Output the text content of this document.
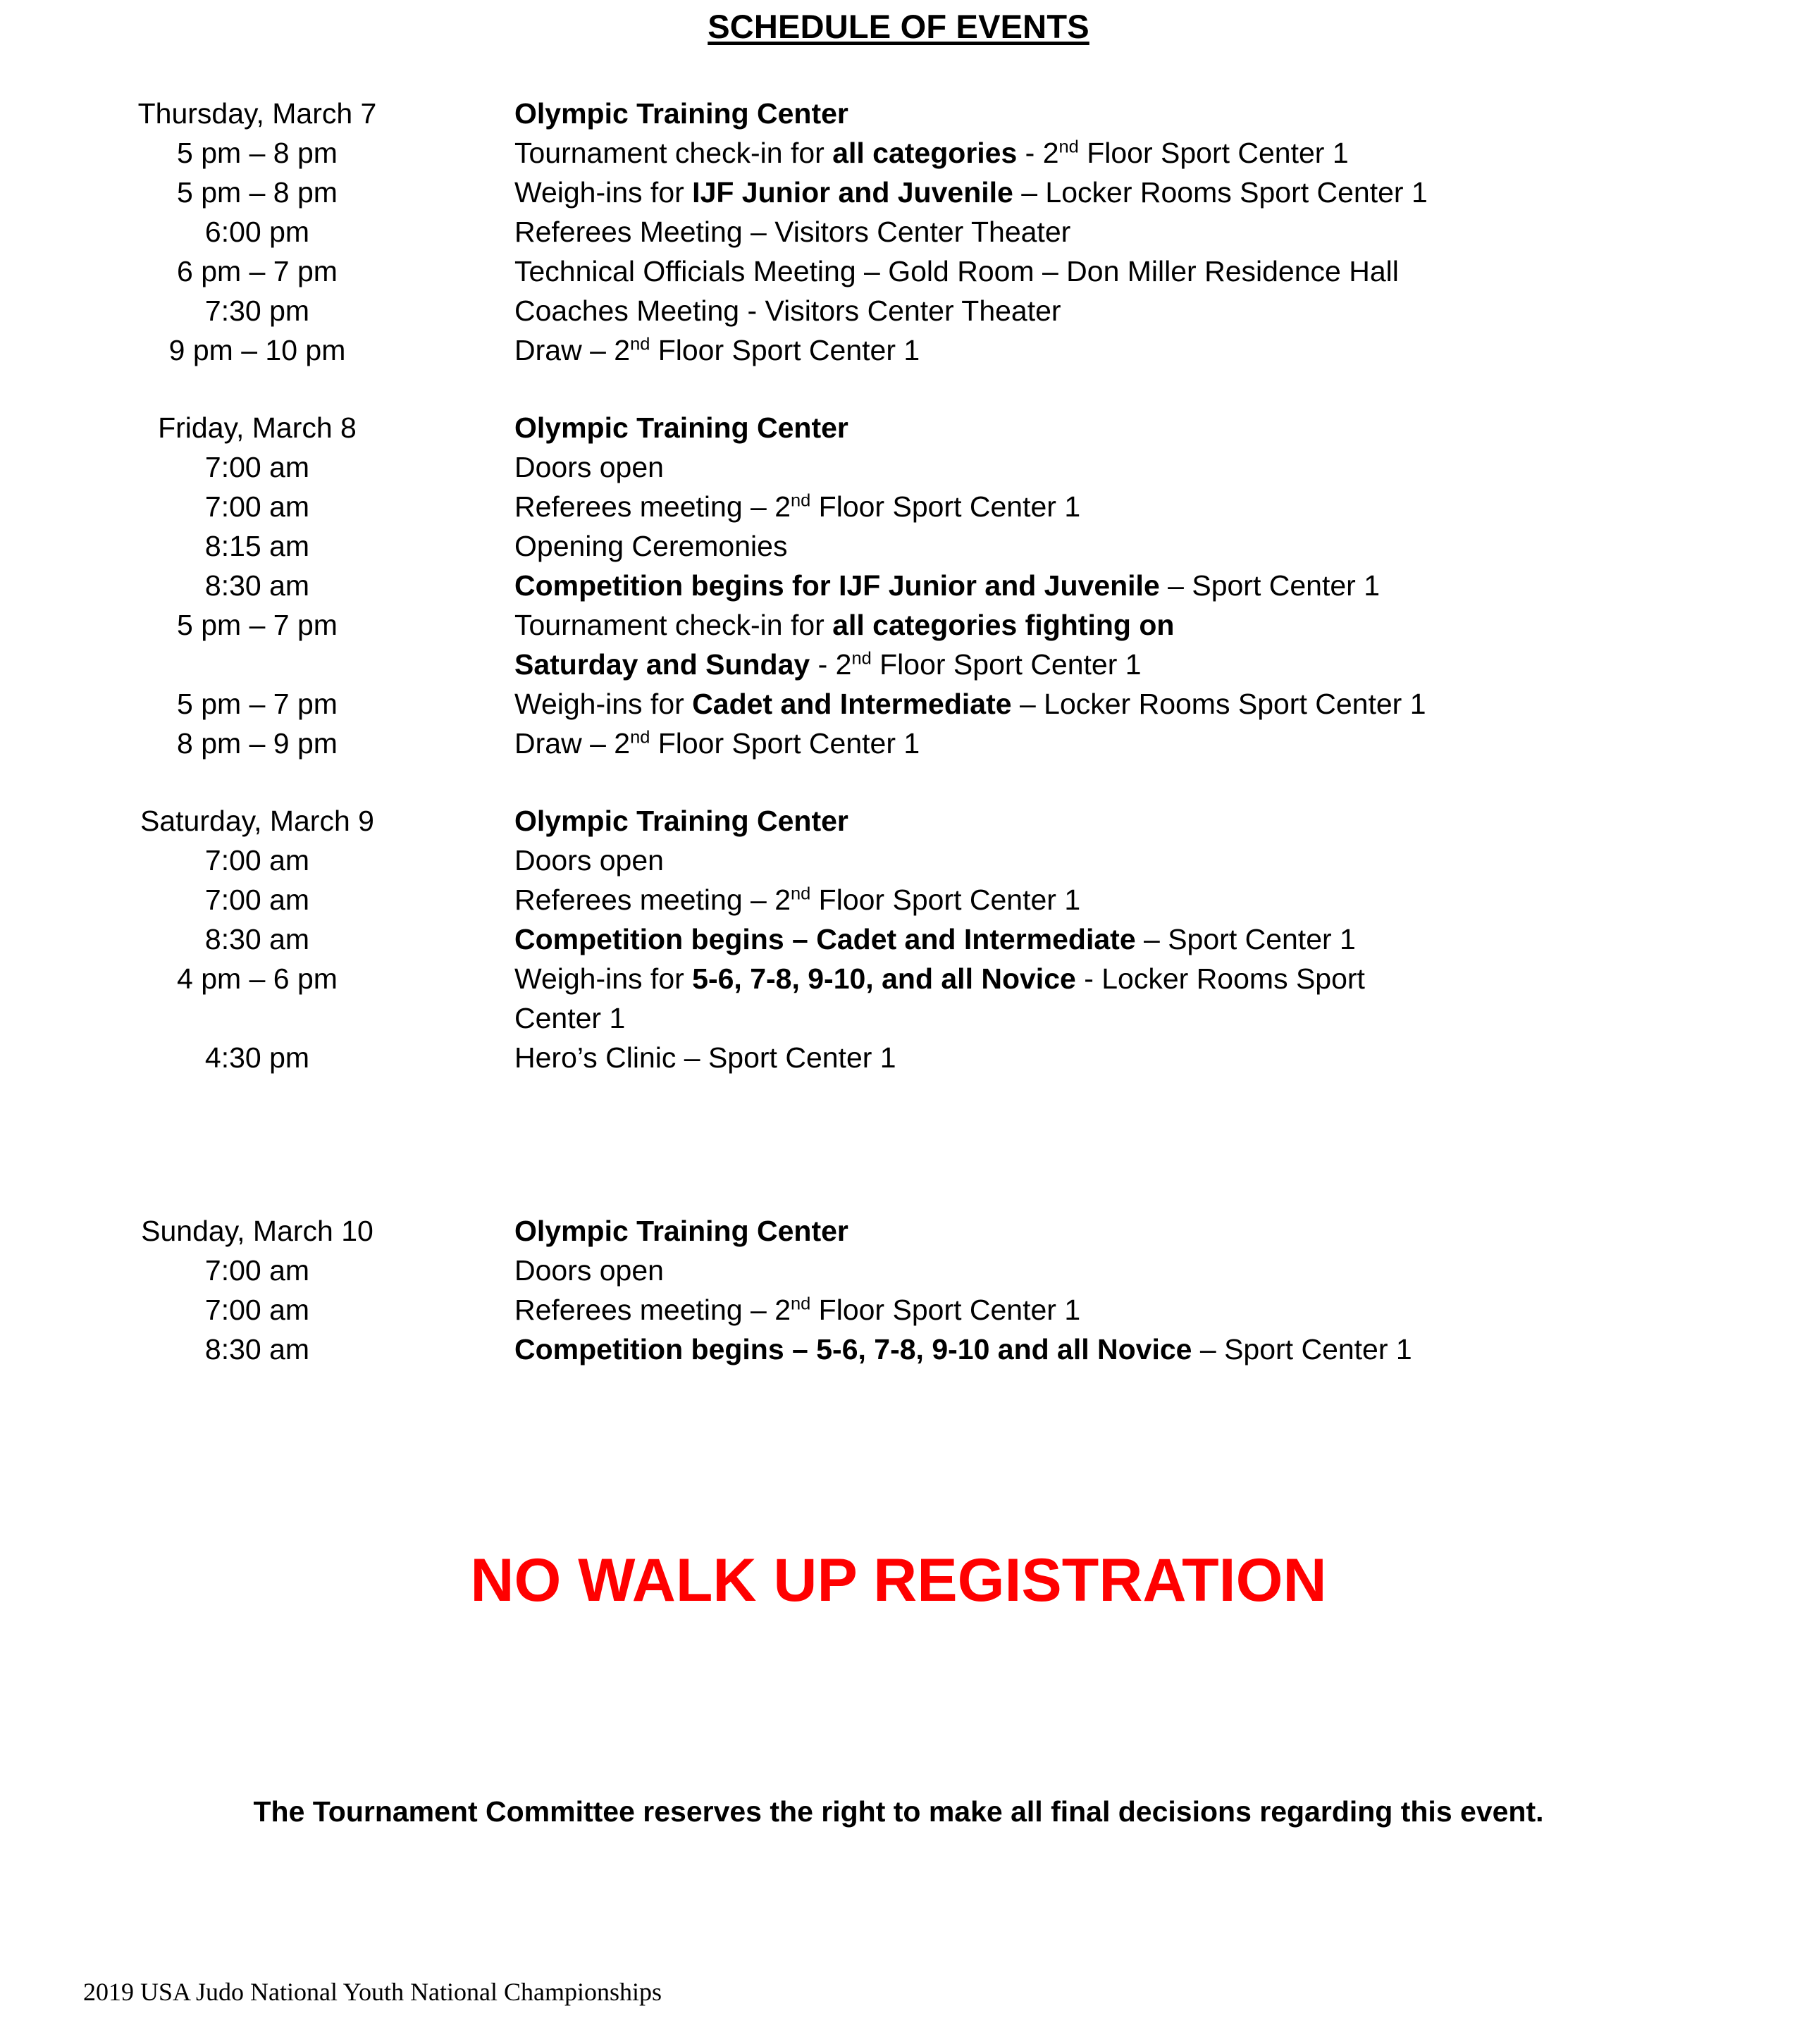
SCHEDULE OF EVENTS
Thursday, March 7	Olympic Training Center
5 pm – 8 pm	Tournament check-in for all categories - 2nd Floor Sport Center 1
5 pm – 8 pm	Weigh-ins for IJF Junior and Juvenile – Locker Rooms Sport Center 1
6:00 pm	Referees Meeting – Visitors Center Theater
6 pm – 7 pm	Technical Officials Meeting – Gold Room – Don Miller Residence Hall
7:30 pm	Coaches Meeting - Visitors Center Theater
9 pm – 10 pm	Draw – 2nd Floor Sport Center 1
Friday, March 8	Olympic Training Center
7:00 am	Doors open
7:00 am	Referees meeting – 2nd Floor Sport Center 1
8:15 am	Opening Ceremonies
8:30 am	Competition begins for IJF Junior and Juvenile – Sport Center 1
5 pm – 7 pm	Tournament check-in for all categories fighting on
Saturday and Sunday - 2nd Floor Sport Center 1
5 pm – 7 pm	Weigh-ins for Cadet and Intermediate – Locker Rooms Sport Center 1
8 pm – 9 pm	Draw – 2nd Floor Sport Center 1
Saturday, March 9	Olympic Training Center
7:00 am	Doors open
7:00 am	Referees meeting – 2nd Floor Sport Center 1
8:30 am	Competition begins – Cadet and Intermediate – Sport Center 1
4 pm – 6 pm	Weigh-ins for 5-6, 7-8, 9-10, and all Novice - Locker Rooms Sport
Center 1
4:30 pm	Hero’s Clinic – Sport Center 1
Sunday, March 10	Olympic Training Center
7:00 am	Doors open
7:00 am	Referees meeting – 2nd Floor Sport Center 1
8:30 am	Competition begins – 5-6, 7-8, 9-10 and all Novice – Sport Center 1
NO WALK UP REGISTRATION
The Tournament Committee reserves the right to make all final decisions regarding this event.
2019 USA Judo National Youth National Championships
